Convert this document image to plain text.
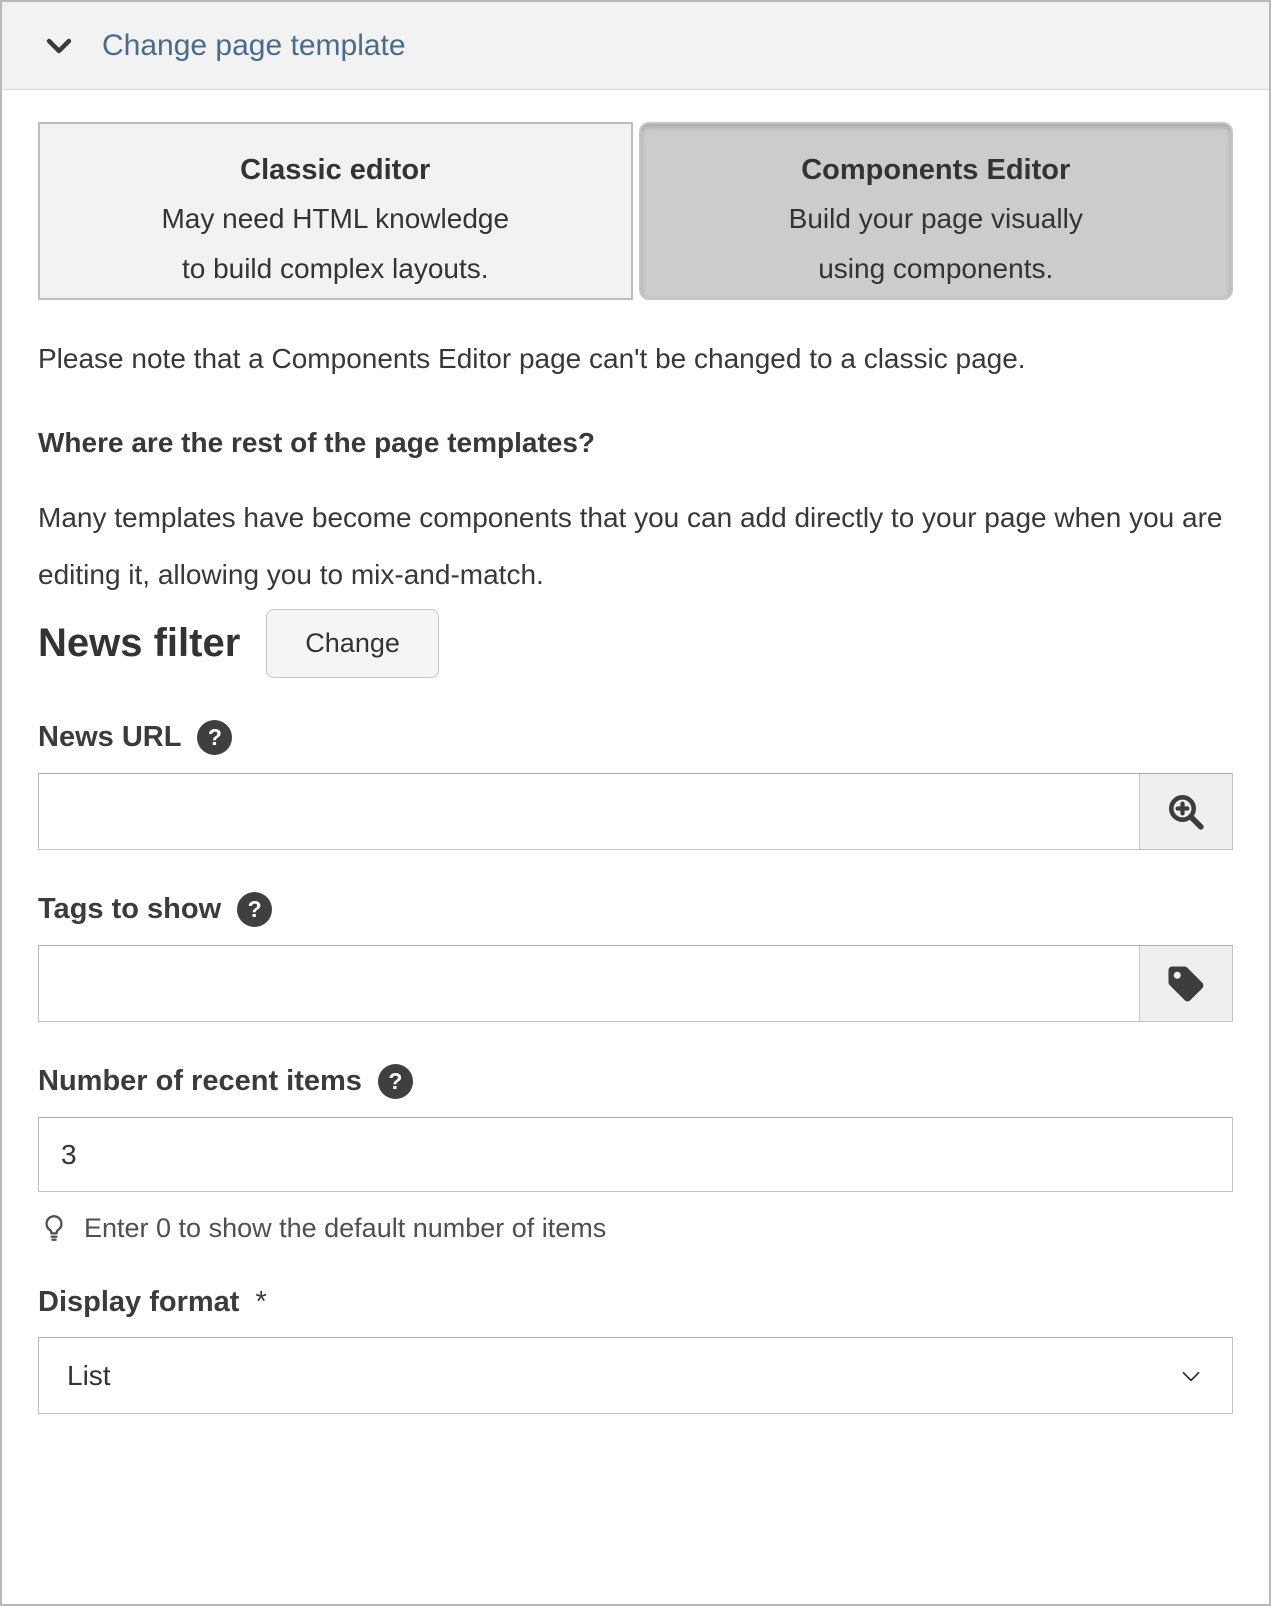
Change page template
Classic editor
May need HTML knowledge
to build complex layouts.
Components Editor
Build your page visually
using components.

Please note that a Components Editor page can't be changed to a classic page.

Where are the rest of the page templates?

Many templates have become components that you can add directly to your page when you are editing it, allowing you to mix-and-match.

News filter	Change
News URL	?
Tags to show	?
Number of recent items	?
3
Enter 0 to show the default number of items
Display format *
List
